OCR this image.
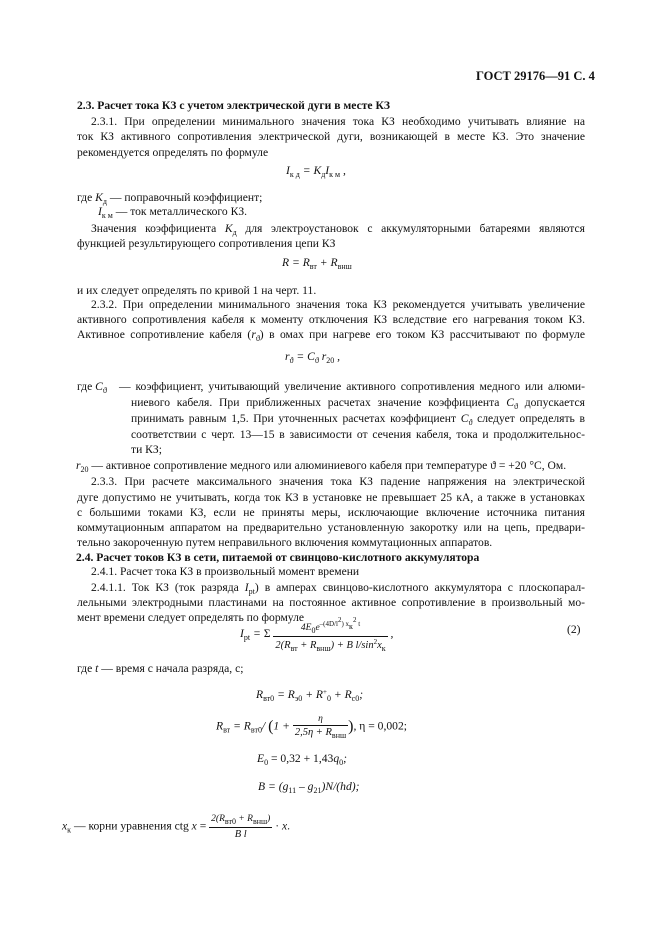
ГОСТ 29176—91 С. 4
2.3. Расчет тока КЗ с учетом электрической дуги в месте КЗ
2.3.1. При определении минимального значения тока КЗ необходимо учитывать влияние на
ток КЗ активного сопротивления электрической дуги, возникающей в месте КЗ. Это значение
рекомендуется определять по формуле
$I_{к д} = K_дI_{к м}$ ,
где $K_д$ — поправочный коэффициент;
$I_{к м}$ — ток металлического КЗ.
Значения коэффициента $K_д$ для электроустановок с аккумуляторными батареями являются
функцией результирующего сопротивления цепи КЗ
$R = R_{вт} + R_{внш}$
и их следует определять по кривой 1 на черт. 11.
2.3.2. При определении минимального значения тока КЗ рекомендуется учитывать увеличение
активного сопротивления кабеля к моменту отключения КЗ вследствие его нагревания током КЗ.
Активное сопротивление кабеля $(r_ϑ)$ в омах при нагреве его током КЗ рассчитывают по формуле
$r_ϑ = C_ϑ$ $r_{20}$ ,
где $C_ϑ$ — коэффициент, учитывающий увеличение активного сопротивления медного или алюми-
ниевого кабеля. При приближенных расчетах значение коэффициента $C_ϑ$ допускается
принимать равным 1,5. При уточненных расчетах коэффициент $C_ϑ$ следует определять в
соответствии с черт. 13—15 в зависимости от сечения кабеля, тока и продолжительнос-
ти КЗ;
$r_{20}$ — активное сопротивление медного или алюминиевого кабеля при температуре ϑ = +20 °С, Ом.
2.3.3. При расчете максимального значения тока КЗ падение напряжения на электрической
дуге допустимо не учитывать, когда ток КЗ в установке не превышает 25 кА, а также в установках
с большими токами КЗ, если не приняты меры, исключающие включение источника питания
коммутационным аппаратом на предварительно установленную закоротку или на цепь, предвари-
тельно закороченную путем неправильного включения коммутационных аппаратов.
2.4. Расчет токов КЗ в сети, питаемой от свинцово-кислотного аккумулятора
2.4.1. Расчет тока КЗ в произвольный момент времени
2.4.1.1. Ток КЗ (ток разряда $I_{pt}$) в амперах свинцово-кислотного аккумулятора с плоскопарал-
лельными электродными пластинами на постоянное активное сопротивление в произвольный мо-
мент времени следует определять по формуле
$I_{pt} = \Sigma \frac{4E_0e^{-(4D/l^2) x_к^2 t}}{2(R_{вт} + R_{внш}) + B l/\sin^2x_к}$ ,	(2)
где t — время с начала разряда, с;
$R_{вт0} = R_{э0} + R^+_0 + R_{с0}$;
$R_{вт} = R_{вт0}/$ ($1 + \frac{\eta}{2,5\eta + R_{внш}}$ ), η = 0,002;
$E_0 = 0,32 + 1,43q_0$;
$B = (g_{11} - g_{21})N/(hd)$;
$x_к$ — корни уравнения ctg $x = \frac{2(R_{вт0} + R_{внш})}{\text{B l}} \cdot x$.
